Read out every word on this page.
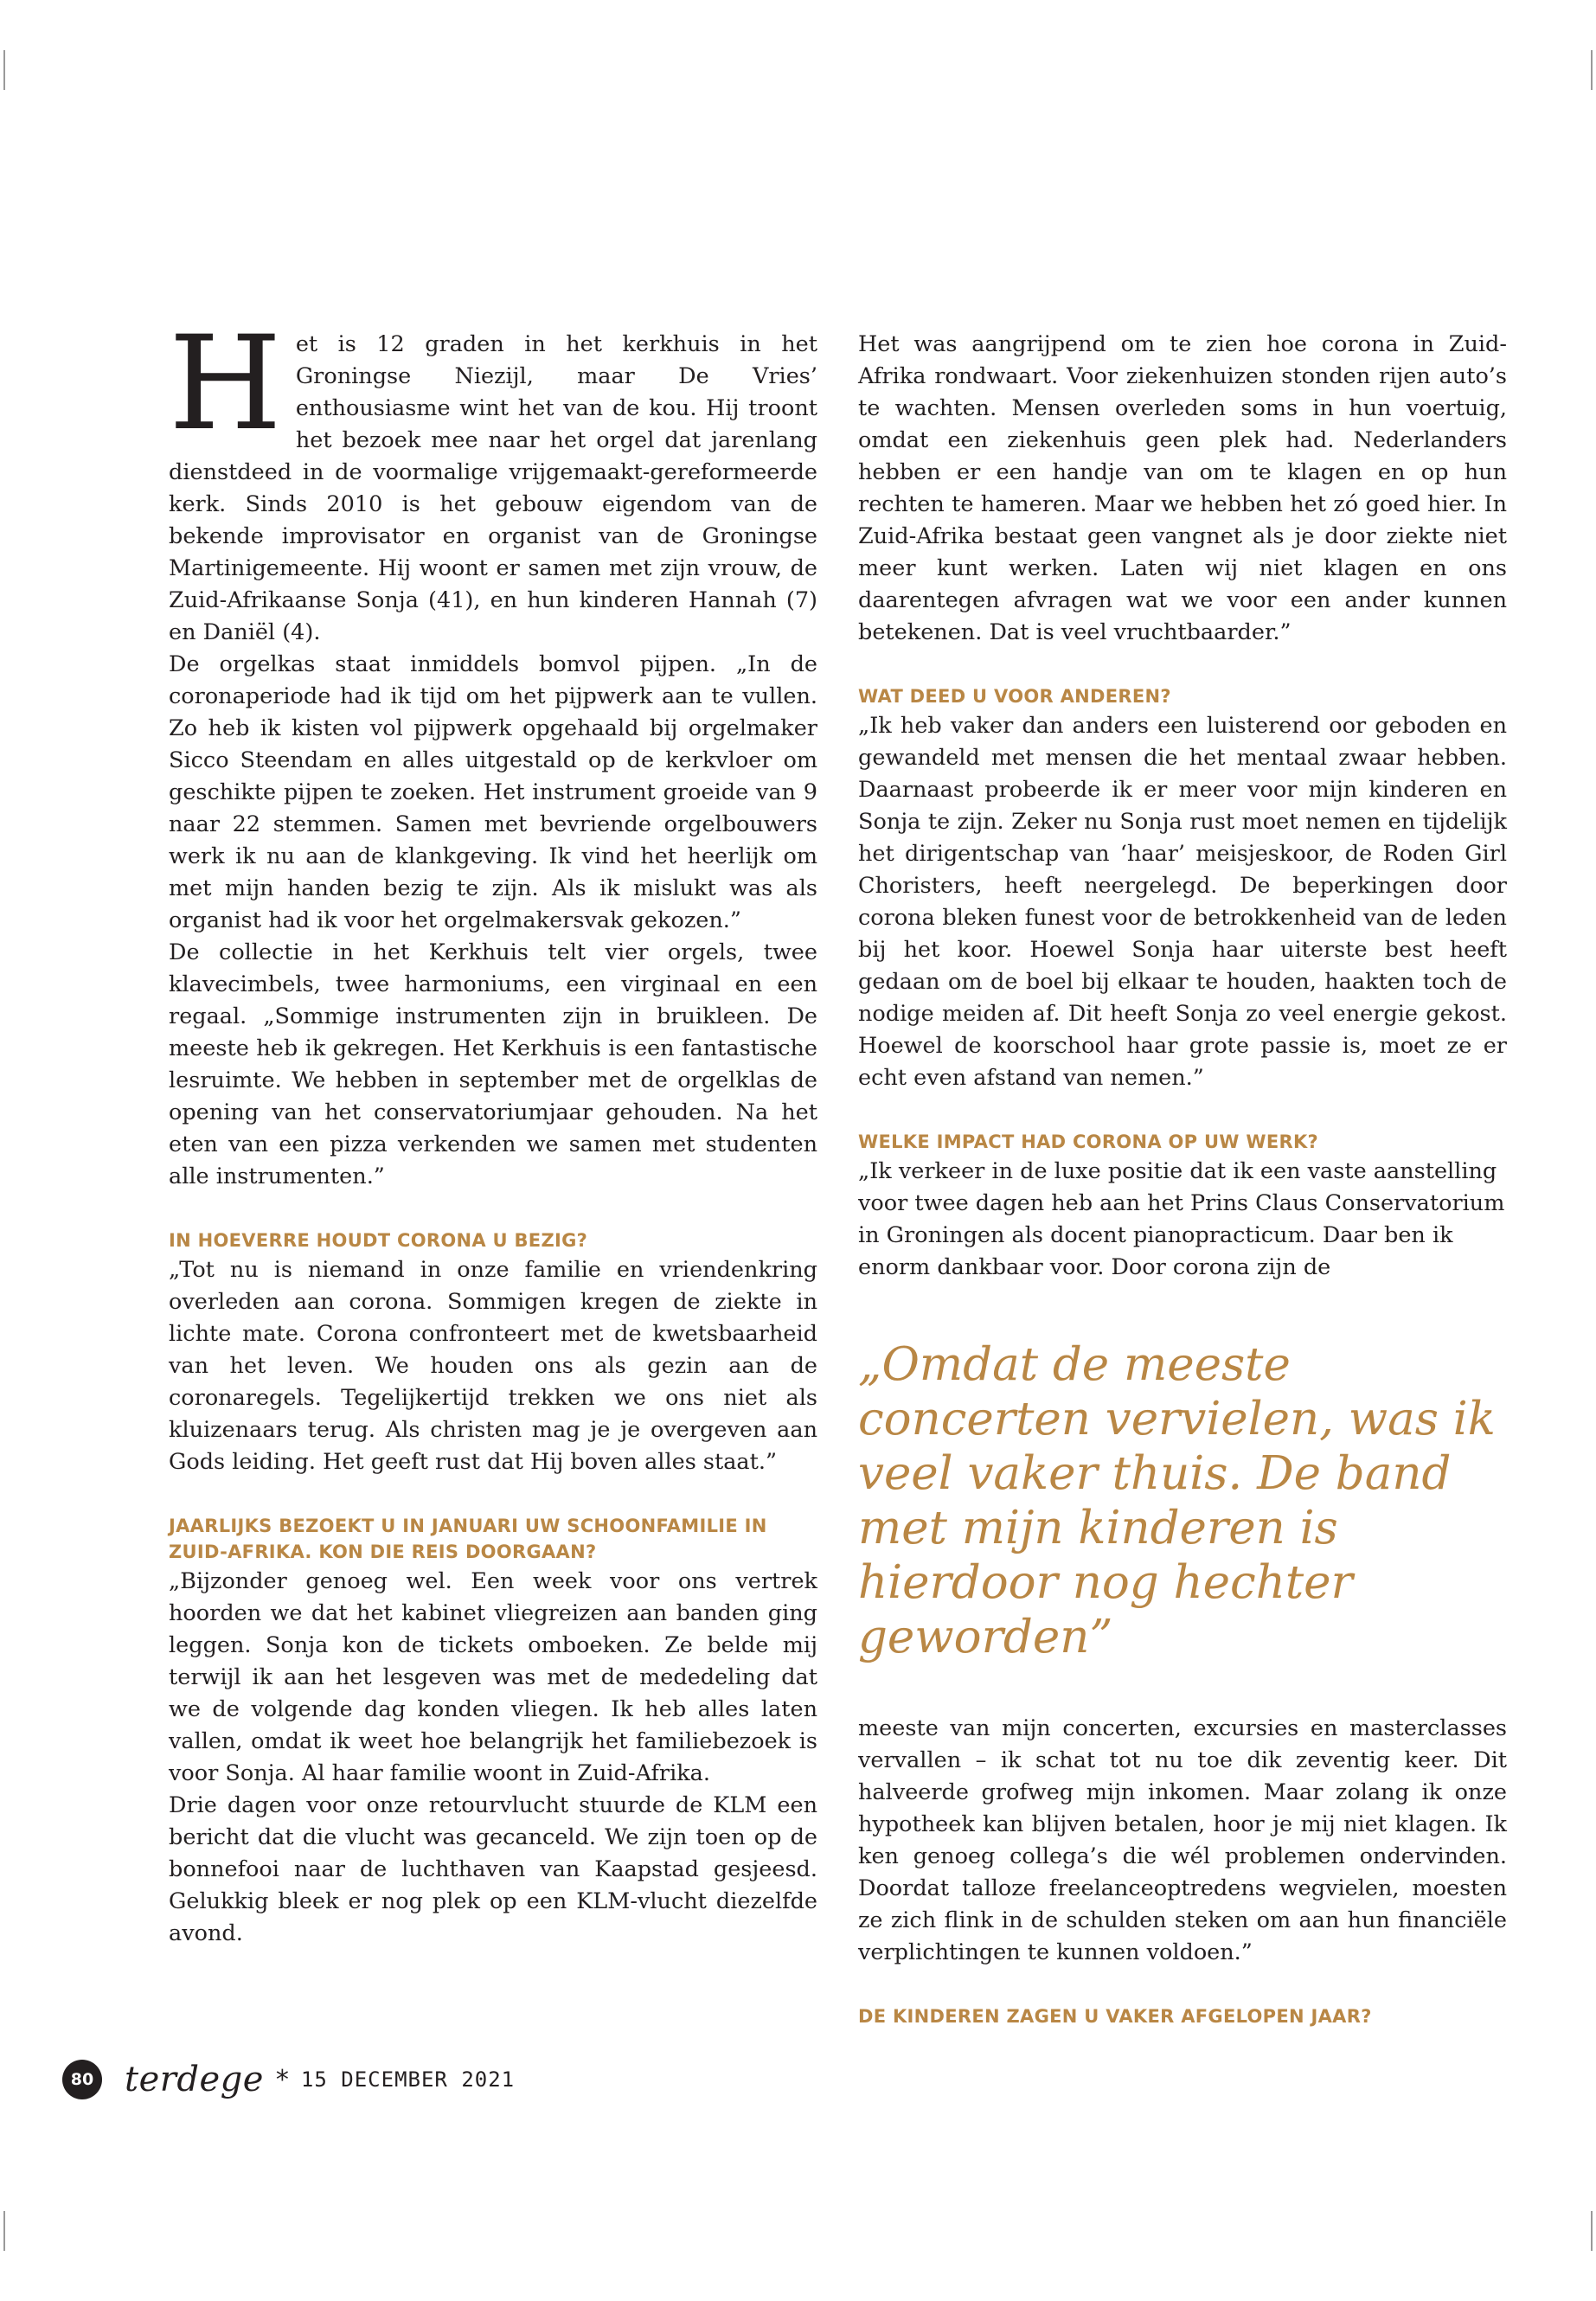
Het is 12 graden in het kerkhuis in het Groningse Niezijl, maar De Vries’ enthousiasme wint het van de kou. Hij troont het bezoek mee naar het orgel dat jarenlang dienstdeed in de voormalige vrijgemaakt-gereformeerde kerk. Sinds 2010 is het gebouw eigendom van de bekende improvisator en organist van de Groningse Martinigemeente. Hij woont er samen met zijn vrouw, de Zuid-Afrikaanse Sonja (41), en hun kinderen Hannah (7) en Daniël (4).

De orgelkas staat inmiddels bomvol pijpen. „In de coronaperiode had ik tijd om het pijpwerk aan te vullen. Zo heb ik kisten vol pijpwerk opgehaald bij orgelmaker Sicco Steendam en alles uitgestald op de kerkvloer om geschikte pijpen te zoeken. Het instrument groeide van 9 naar 22 stemmen. Samen met bevriende orgelbouwers werk ik nu aan de klankgeving. Ik vind het heerlijk om met mijn handen bezig te zijn. Als ik mislukt was als organist had ik voor het orgelmakersvak gekozen.”

De collectie in het Kerkhuis telt vier orgels, twee klavecimbels, twee harmoniums, een virginaal en een regaal. „Sommige instrumenten zijn in bruikleen. De meeste heb ik gekregen. Het Kerkhuis is een fantastische lesruimte. We hebben in september met de orgelklas de opening van het conservatoriumjaar gehouden. Na het eten van een pizza verkenden we samen met studenten alle instrumenten.”

IN HOEVERRE HOUDT CORONA U BEZIG?

„Tot nu is niemand in onze familie en vriendenkring overleden aan corona. Sommigen kregen de ziekte in lichte mate. Corona confronteert met de kwetsbaarheid van het leven. We houden ons als gezin aan de coronaregels. Tegelijkertijd trekken we ons niet als kluizenaars terug. Als christen mag je je overgeven aan Gods leiding. Het geeft rust dat Hij boven alles staat.”

JAARLIJKS BEZOEKT U IN JANUARI UW SCHOONFAMILIE IN ZUID-AFRIKA. KON DIE REIS DOORGAAN?

„Bijzonder genoeg wel. Een week voor ons vertrek hoorden we dat het kabinet vliegreizen aan banden ging leggen. Sonja kon de tickets omboeken. Ze belde mij terwijl ik aan het lesgeven was met de mededeling dat we de volgende dag konden vliegen. Ik heb alles laten vallen, omdat ik weet hoe belangrijk het familiebezoek is voor Sonja. Al haar familie woont in Zuid-Afrika.

Drie dagen voor onze retourvlucht stuurde de KLM een bericht dat die vlucht was gecanceld. We zijn toen op de bonnefooi naar de luchthaven van Kaapstad gesjeesd. Gelukkig bleek er nog plek op een KLM-vlucht diezelfde avond.

Het was aangrijpend om te zien hoe corona in Zuid-Afrika rondwaart. Voor ziekenhuizen stonden rijen auto’s te wachten. Mensen overleden soms in hun voertuig, omdat een ziekenhuis geen plek had. Nederlanders hebben er een handje van om te klagen en op hun rechten te hameren. Maar we hebben het zó goed hier. In Zuid-Afrika bestaat geen vangnet als je door ziekte niet meer kunt werken. Laten wij niet klagen en ons daarentegen afvragen wat we voor een ander kunnen betekenen. Dat is veel vruchtbaarder.”

WAT DEED U VOOR ANDEREN?

„Ik heb vaker dan anders een luisterend oor geboden en gewandeld met mensen die het mentaal zwaar hebben. Daarnaast probeerde ik er meer voor mijn kinderen en Sonja te zijn. Zeker nu Sonja rust moet nemen en tijdelijk het dirigentschap van ‘haar’ meisjeskoor, de Roden Girl Choristers, heeft neergelegd. De beperkingen door corona bleken funest voor de betrokkenheid van de leden bij het koor. Hoewel Sonja haar uiterste best heeft gedaan om de boel bij elkaar te houden, haakten toch de nodige meiden af. Dit heeft Sonja zo veel energie gekost. Hoewel de koorschool haar grote passie is, moet ze er echt even afstand van nemen.”

WELKE IMPACT HAD CORONA OP UW WERK?

„Ik verkeer in de luxe positie dat ik een vaste aanstelling voor twee dagen heb aan het Prins Claus Conservatorium in Groningen als docent pianopracticum. Daar ben ik enorm dankbaar voor. Door corona zijn de

„Omdat de meeste concerten vervielen, was ik veel vaker thuis. De band met mijn kinderen is hierdoor nog hechter geworden”

meeste van mijn concerten, excursies en masterclasses vervallen – ik schat tot nu toe dik zeventig keer. Dit halveerde grofweg mijn inkomen. Maar zolang ik onze hypotheek kan blijven betalen, hoor je mij niet klagen. Ik ken genoeg collega’s die wél problemen ondervinden. Doordat talloze freelanceoptredens wegvielen, moesten ze zich flink in de schulden steken om aan hun financiële verplichtingen te kunnen voldoen.”

DE KINDEREN ZAGEN U VAKER AFGELOPEN JAAR?
80 terdege * 15 DECEMBER 2021
